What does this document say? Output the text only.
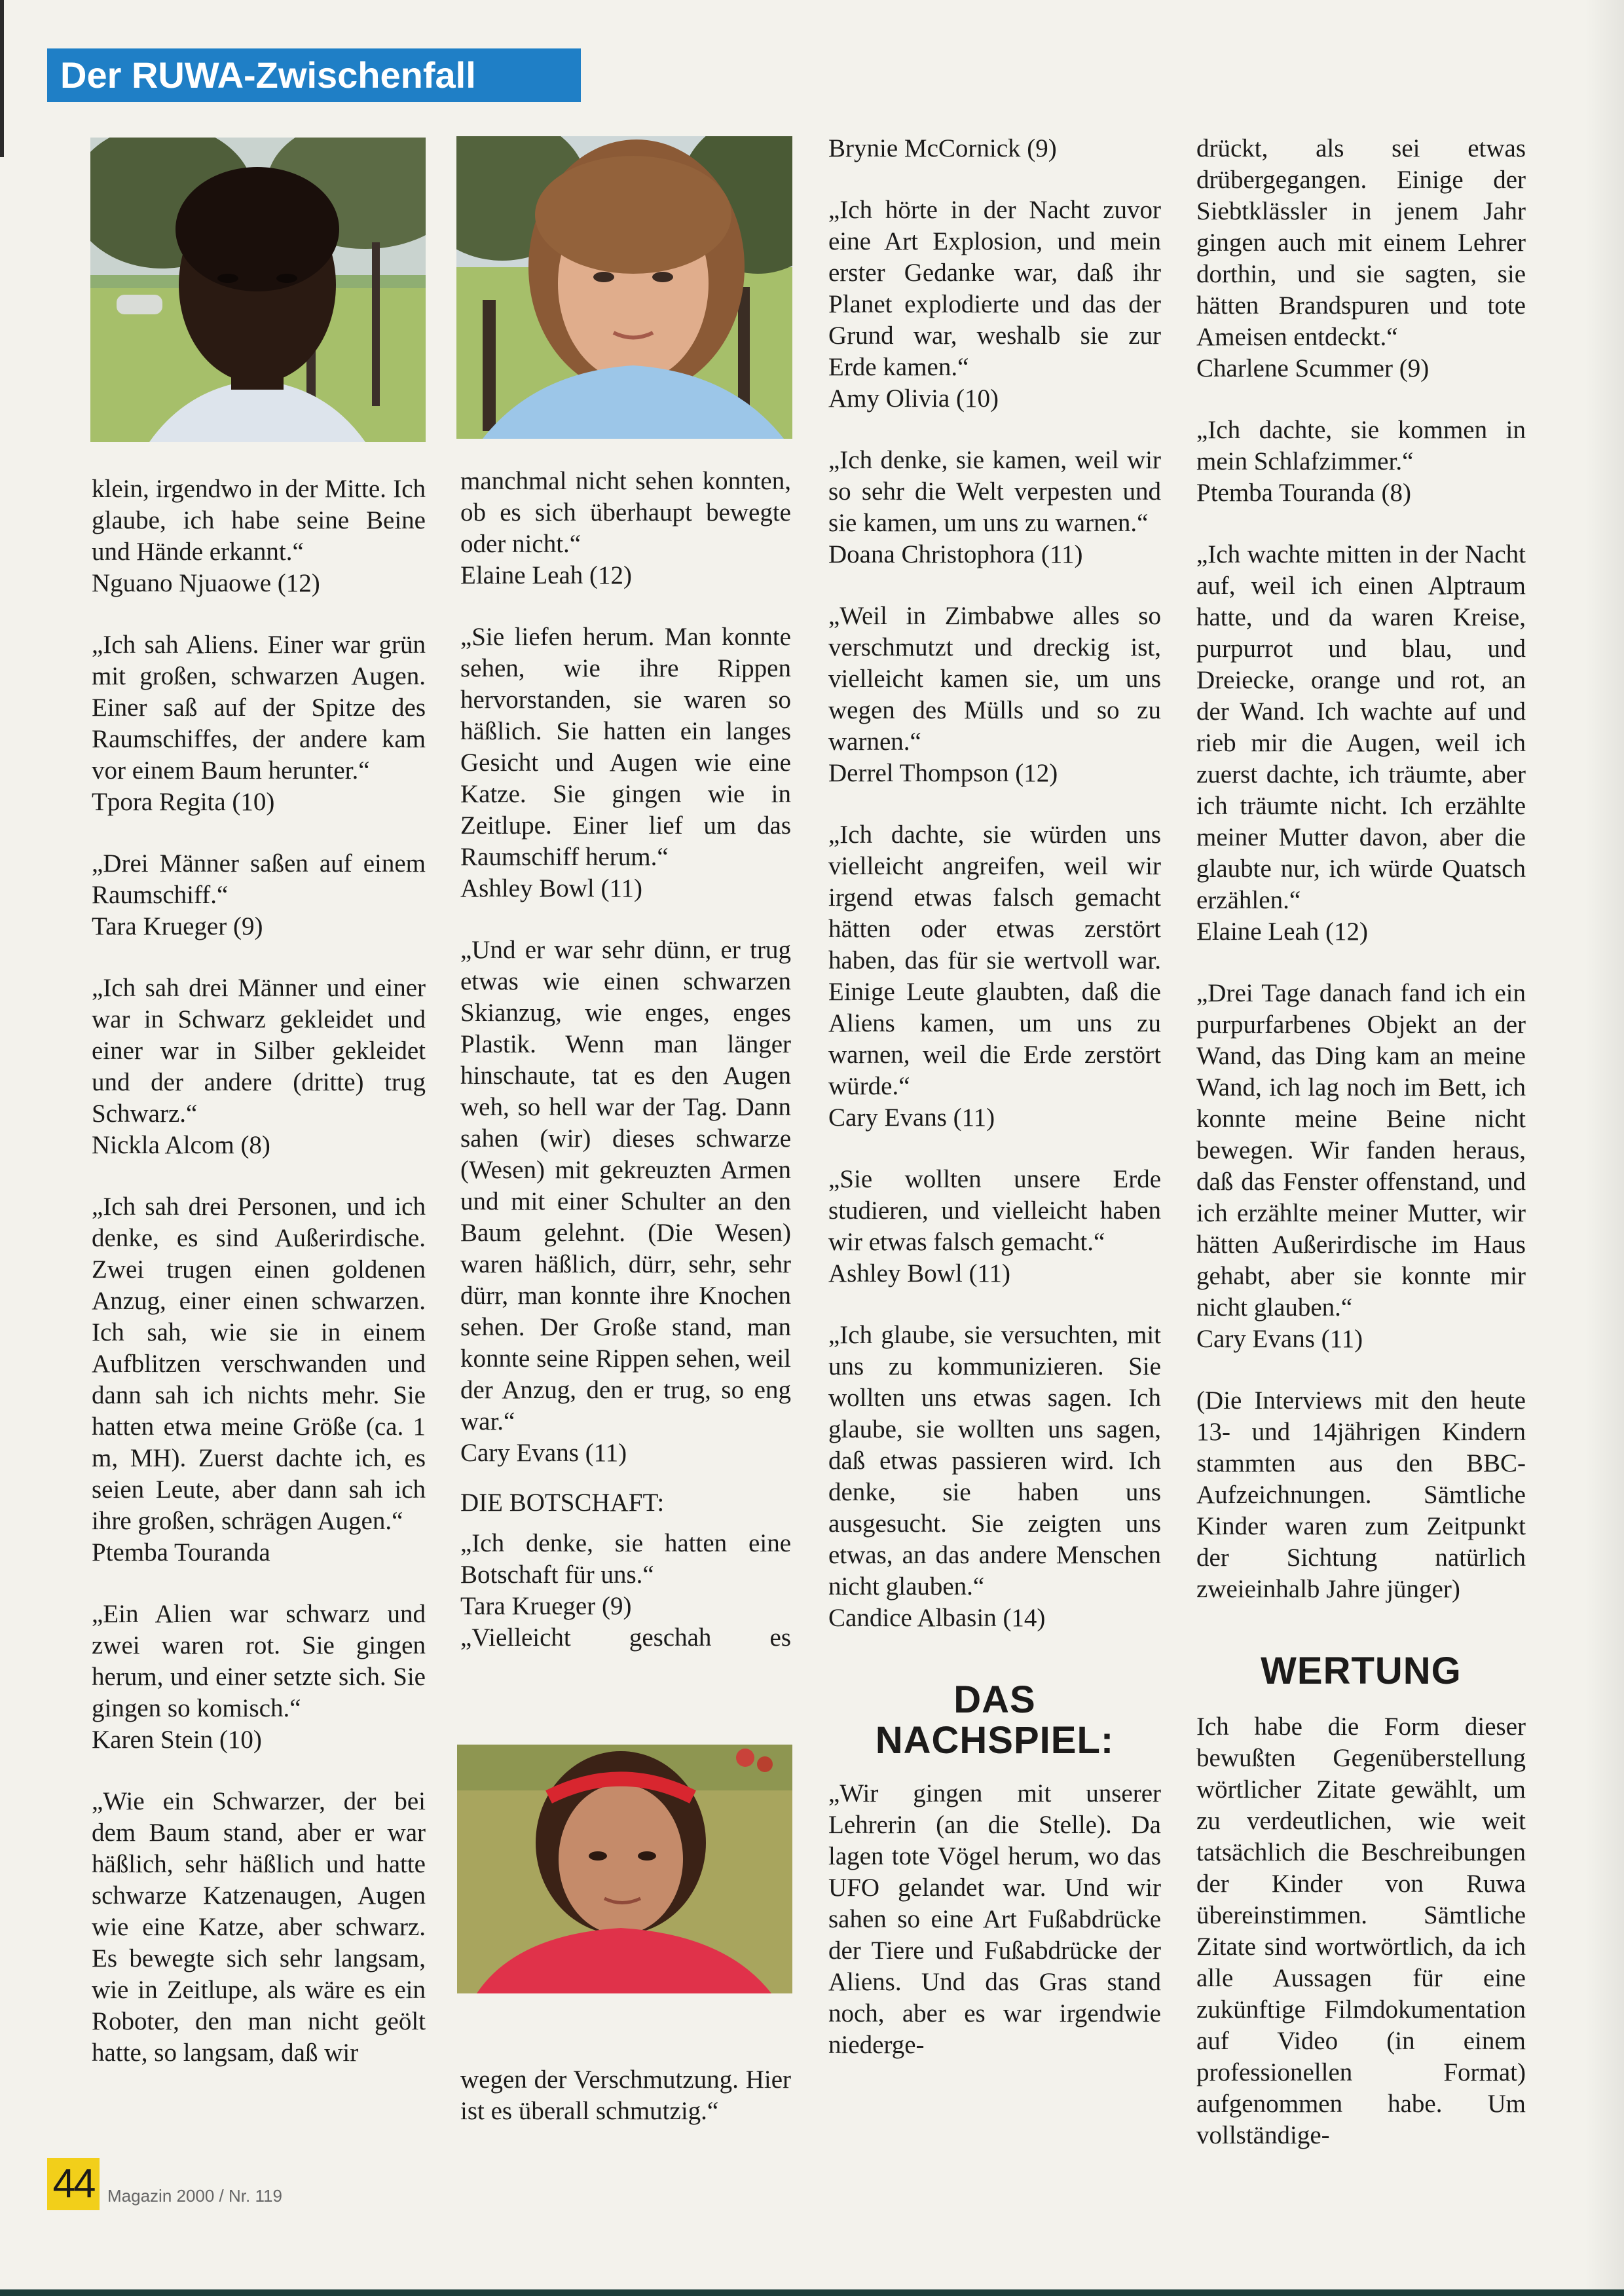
Der RUWA-Zwischenfall

klein, irgendwo in der Mitte. Ich glaube, ich habe seine Beine und Hände erkannt.“
Nguano Njuaowe (12)

„Ich sah Aliens. Einer war grün mit großen, schwarzen Augen. Einer saß auf der Spitze des Raumschiffes, der andere kam vor einem Baum herunter.“
Tpora Regita (10)

„Drei Männer saßen auf einem Raumschiff.“
Tara Krueger (9)

„Ich sah drei Männer und einer war in Schwarz gekleidet und einer war in Silber gekleidet und der andere (dritte) trug Schwarz.“
Nickla Alcom (8)

„Ich sah drei Personen, und ich denke, es sind Außerirdische. Zwei trugen einen goldenen Anzug, einer einen schwarzen. Ich sah, wie sie in einem Aufblitzen verschwanden und dann sah ich nichts mehr. Sie hatten etwa meine Größe (ca. 1 m, MH). Zuerst dachte ich, es seien Leute, aber dann sah ich ihre großen, schrägen Augen.“
Ptemba Touranda

„Ein Alien war schwarz und zwei waren rot. Sie gingen herum, und einer setzte sich. Sie gingen so komisch.“
Karen Stein (10)

„Wie ein Schwarzer, der bei dem Baum stand, aber er war häßlich, sehr häßlich und hatte schwarze Katzenaugen, Augen wie eine Katze, aber schwarz. Es bewegte sich sehr langsam, wie in Zeitlupe, als wäre es ein Roboter, den man nicht geölt hatte, so langsam, daß wir

manchmal nicht sehen konnten, ob es sich überhaupt bewegte oder nicht.“
Elaine Leah (12)

„Sie liefen herum. Man konnte sehen, wie ihre Rippen hervorstanden, sie waren so häßlich. Sie hatten ein langes Gesicht und Augen wie eine Katze. Sie gingen wie in Zeitlupe. Einer lief um das Raumschiff herum.“
Ashley Bowl (11)

„Und er war sehr dünn, er trug etwas wie einen schwarzen Skianzug, wie enges, enges Plastik. Wenn man länger hinschaute, tat es den Augen weh, so hell war der Tag. Dann sahen (wir) dieses schwarze (Wesen) mit gekreuzten Armen und mit einer Schulter an den Baum gelehnt. (Die Wesen) waren häßlich, dürr, sehr, sehr dürr, man konnte ihre Knochen sehen. Der Große stand, man konnte seine Rippen sehen, weil der Anzug, den er trug, so eng war.“
Cary Evans (11)

DIE BOTSCHAFT:

„Ich denke, sie hatten eine Botschaft für uns.“
Tara Krueger (9)
„Vielleicht geschah es

wegen der Verschmutzung. Hier ist es überall schmutzig.“

Brynie McCornick (9)

„Ich hörte in der Nacht zuvor eine Art Explosion, und mein erster Gedanke war, daß ihr Planet explodierte und das der Grund war, weshalb sie zur Erde kamen.“
Amy Olivia (10)

„Ich denke, sie kamen, weil wir so sehr die Welt verpesten und sie kamen, um uns zu warnen.“
Doana Christophora (11)

„Weil in Zimbabwe alles so verschmutzt und dreckig ist, vielleicht kamen sie, um uns wegen des Mülls und so zu warnen.“
Derrel Thompson (12)

„Ich dachte, sie würden uns vielleicht angreifen, weil wir irgend etwas falsch gemacht hätten oder etwas zerstört haben, das für sie wertvoll war. Einige Leute glaubten, daß die Aliens kamen, um uns zu warnen, weil die Erde zerstört würde.“
Cary Evans (11)

„Sie wollten unsere Erde studieren, und vielleicht haben wir etwas falsch gemacht.“
Ashley Bowl (11)

„Ich glaube, sie versuchten, mit uns zu kommunizieren. Sie wollten uns etwas sagen. Ich glaube, sie wollten uns sagen, daß etwas passieren wird. Ich denke, sie haben uns ausgesucht. Sie zeigten uns etwas, an das andere Menschen nicht glauben.“
Candice Albasin (14)

DAS
NACHSPIEL:

„Wir gingen mit unserer Lehrerin (an die Stelle). Da lagen tote Vögel herum, wo das UFO gelandet war. Und wir sahen so eine Art Fußabdrücke der Tiere und Fußabdrücke der Aliens. Und das Gras stand noch, aber es war irgendwie niederge-

drückt, als sei etwas drübergegangen. Einige der Siebtklässler in jenem Jahr gingen auch mit einem Lehrer dorthin, und sie sagten, sie hätten Brandspuren und tote Ameisen entdeckt.“
Charlene Scummer (9)

„Ich dachte, sie kommen in mein Schlafzimmer.“
Ptemba Touranda (8)

„Ich wachte mitten in der Nacht auf, weil ich einen Alptraum hatte, und da waren Kreise, purpurrot und blau, und Dreiecke, orange und rot, an der Wand. Ich wachte auf und rieb mir die Augen, weil ich zuerst dachte, ich träumte, aber ich träumte nicht. Ich erzählte meiner Mutter davon, aber die glaubte nur, ich würde Quatsch erzählen.“
Elaine Leah (12)

„Drei Tage danach fand ich ein purpurfarbenes Objekt an der Wand, das Ding kam an meine Wand, ich lag noch im Bett, ich konnte meine Beine nicht bewegen. Wir fanden heraus, daß das Fenster offenstand, und ich erzählte meiner Mutter, wir hätten Außerirdische im Haus gehabt, aber sie konnte mir nicht glauben.“
Cary Evans (11)

(Die Interviews mit den heute 13- und 14jährigen Kindern stammten aus den BBC-Aufzeichnungen. Sämtliche Kinder waren zum Zeitpunkt der Sichtung natürlich zweieinhalb Jahre jünger)

WERTUNG

Ich habe die Form dieser bewußten Gegenüberstellung wörtlicher Zitate gewählt, um zu verdeutlichen, wie weit tatsächlich die Beschreibungen der Kinder von Ruwa übereinstimmen. Sämtliche Zitate sind wortwörtlich, da ich alle Aussagen für eine zukünftige Filmdokumentation auf Video (in einem professionellen Format) aufgenommen habe. Um vollständige-

44 Magazin 2000 / Nr. 119
